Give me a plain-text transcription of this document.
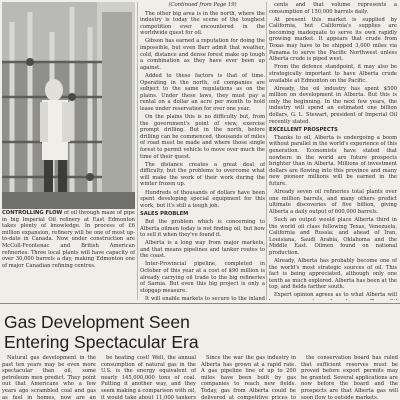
CONTROLLING FLOW of oil through maze of pipe in big Imperial Oil refinery at East Edmonton takes plenty of knowledge. In process of £6 million expansion, refinery will be one of most up-to-date in Canada. Now under construction are McColl-Frontenac and British American refineries. Three local plants will have capacity of over 30,000 barrels a day, making Edmonton one of major Canadian refining centres.
(Continued from Page 19)

The other big area is in the north, where the industry is today the scene of the toughest competition ever encountered in the worldwide quest for oil.

Gibson has earned a reputation for doing the impossible, but even Barr admit that weather, cold, distance and dense forest make up tough a combination as they have ever been up against.

Added to these factors is that of time. Operating in the north, oil companies are subject to the same regulations as on the plains. Under these laws, they must pay a rental on a dollar an acre per month to hold lease under reservation for over one year.

On the plains this is no difficulty but, from the government's point of view, exercise prompt drilling. But in the north, before drilling can be commenced, thousands of miles of road must be made and where those single forest to permit vehicle to move over much the time of their quest.

The distance creates a great deal of difficulty, but the problems to overcome what will make the work of their work during the winter frozen up.

Hundreds of thousands of dollars have been spent developing special equipment for this work, but it's still a tough job.

SALES PROBLEM

But the problem which is concerning to Alberta oilmen today is not finding oil, but how to sell it when they've found it.

Alberta is a long way from major markets, and that means pipelines and tanker routes to the coast.

Inter-Provincial pipeline, completed in October of this year at a cost of $90 million is already carrying oil trade to the big refineries of Sarnia. But even this big project is only a stopgap measure.

It will enable markets to secure to the inland

cents and that volume represents a consumption of 150,000 barrels daily.

At present this market is supplied by California, but California's supplies are becoming inadequate to serve its own rapidly growing market. It appears that crude from Texas may have to be shipped 3,000 miles via Panama to serve the Pacific Northwest unless Alberta crude is piped west.

From the defence standpoint, it may also be strategically important to have Alberta crude available at Edmonton on the Pacific.

Already, the oil industry has spent $500 million on development in Alberta. But this is only the beginning. In the next few years, the industry will spend an estimated one billion dollars, G. L. Stewart, president of Imperial Oil recently stated.

EXCELLENT PROSPECTS

Thanks to oil, Alberta is undergoing a boom without parallel in the world's experience of this generation. Economists have stated that nowhere in the world are future prospects brighter than in Alberta. Millions of investment dollars are flowing into this province and many new pioneer millions will be earned in the future.

Already seven oil refineries total plants over one million barrels, and many others predict ultimate discoveries of five billion, giving Alberta a daily output of 600,000 barrels.

Such an output would place Alberta third in the world oil class following Texas, Venezuela, California and Russia; and ahead of Iran, Louisiana, Saudi Arabia, Oklahoma and the Middle East. Oilmen found on national production.

Already, Alberta has probably become one of the world's most strategic sources of oil. This fact is being appreciated, although only one tenth as much explored. Alberta has been at the top, and fields farther south.

Expert opinion agrees as to what Alberta will

Gas Development Seen
Entering Spectacular Era

Natural gas development in the past ten years may be even more spectacular than oil, some petroleum men predict. They point out that Americans who a few years ago scrambled coal and gas as fuel in homes, now are an

be heating cost! Well, the annual consumption of natural gas in the U.S. is the energy equivalent of nearly 145,000,000 tons of coal. Putting it another way, and they seem making a comparison with oil, it would take about 11,000 tankers

Since the war the gas industry in Alberta has grown at a rapid rate. A gas pipeline line of up to 200 miles have been built by gas companies to reach new fields. Today, gas from Alberta could be delivered at competitive prices to

the conservation board has ruled that sufficient reserves must be proved before export permits may be granted. Several applications are now before the board and the prospects are that Alberta gas will soon flow to outside markets.
